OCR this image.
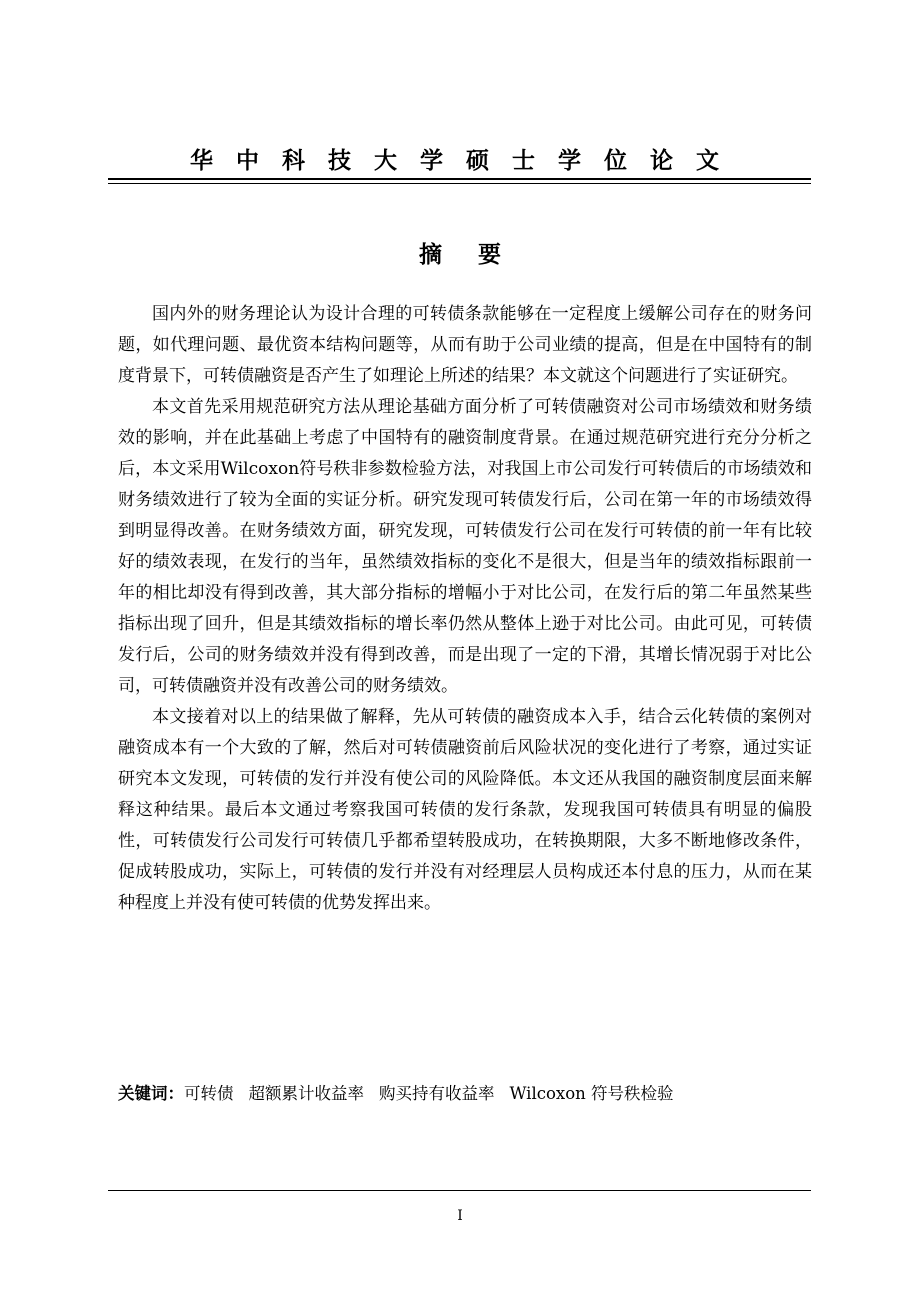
华中科技大学硕士学位论文
摘 要

国内外的财务理论认为设计合理的可转债条款能够在一定程度上缓解公司存在的财务问题，如代理问题、最优资本结构问题等，从而有助于公司业绩的提高，但是在中国特有的制度背景下，可转债融资是否产生了如理论上所述的结果？本文就这个问题进行了实证研究。

本文首先采用规范研究方法从理论基础方面分析了可转债融资对公司市场绩效和财务绩效的影响，并在此基础上考虑了中国特有的融资制度背景。在通过规范研究进行充分分析之后，本文采用Wilcoxon符号秩非参数检验方法，对我国上市公司发行可转债后的市场绩效和财务绩效进行了较为全面的实证分析。研究发现可转债发行后，公司在第一年的市场绩效得到明显得改善。在财务绩效方面，研究发现，可转债发行公司在发行可转债的前一年有比较好的绩效表现，在发行的当年，虽然绩效指标的变化不是很大，但是当年的绩效指标跟前一年的相比却没有得到改善，其大部分指标的增幅小于对比公司，在发行后的第二年虽然某些指标出现了回升，但是其绩效指标的增长率仍然从整体上逊于对比公司。由此可见，可转债发行后，公司的财务绩效并没有得到改善，而是出现了一定的下滑，其增长情况弱于对比公司，可转债融资并没有改善公司的财务绩效。

本文接着对以上的结果做了解释，先从可转债的融资成本入手，结合云化转债的案例对融资成本有一个大致的了解，然后对可转债融资前后风险状况的变化进行了考察，通过实证研究本文发现，可转债的发行并没有使公司的风险降低。本文还从我国的融资制度层面来解释这种结果。最后本文通过考察我国可转债的发行条款，发现我国可转债具有明显的偏股性，可转债发行公司发行可转债几乎都希望转股成功，在转换期限，大多不断地修改条件，促成转股成功，实际上，可转债的发行并没有对经理层人员构成还本付息的压力，从而在某种程度上并没有使可转债的优势发挥出来。

关键词：可转债 超额累计收益率 购买持有收益率 Wilcoxon 符号秩检验
I
